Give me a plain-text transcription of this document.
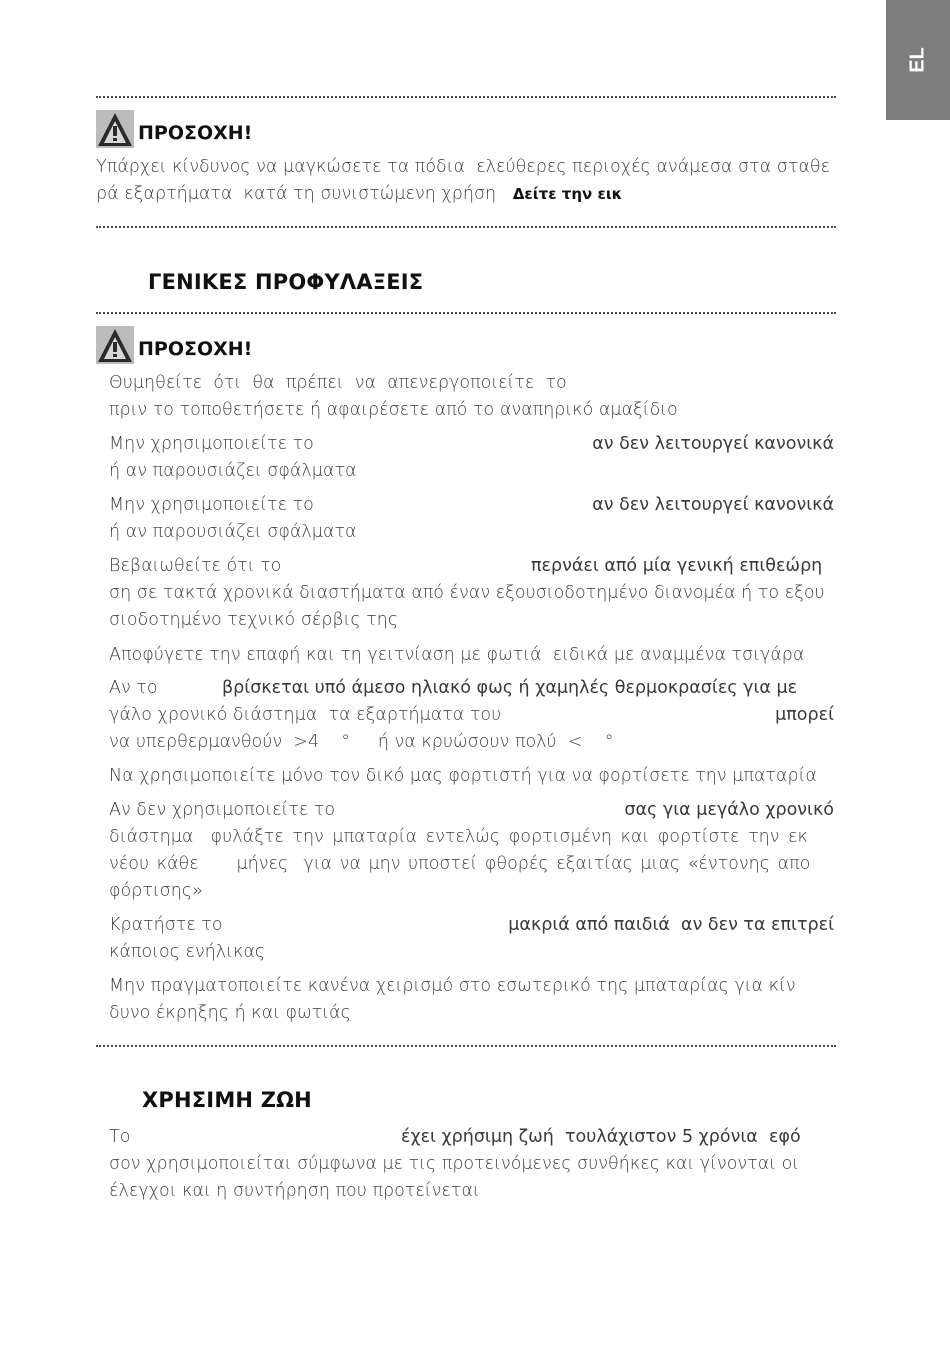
EL
ΠΡΟΣΟΧΗ!
Υπάρχει κίνδυνος να μαγκώσετε τα πόδια  ελεύθερες περιοχές ανάμεσα στα σταθε
ρά εξαρτήματα  κατά τη συνιστώμενη χρήση Δείτε την εικ
ΓΕΝΙΚΕΣ ΠΡΟΦΥΛΑΞΕΙΣ
ΠΡΟΣΟΧΗ!
Θυμηθείτε  ότι  θα  πρέπει  να  απενεργοποιείτε  το
πριν το τοποθετήσετε ή αφαιρέσετε από το αναπηρικό αμαξίδιο
Μην χρησιμοποιείτε το	αν δεν λειτουργεί κανονικά
ή αν παρουσιάζει σφάλματα
Μην χρησιμοποιείτε το	αν δεν λειτουργεί κανονικά
ή αν παρουσιάζει σφάλματα
Βεβαιωθείτε ότι το	περνάει από μία γενική επιθεώρη
ση σε τακτά χρονικά διαστήματα από έναν εξουσιοδοτημένο διανομέα ή το εξου
σιοδοτημένο τεχνικό σέρβις της
Αποφύγετε την επαφή και τη γειτνίαση με φωτιά  ειδικά με αναμμένα τσιγάρα
Αν το	βρίσκεται υπό άμεσο ηλιακό φως ή χαμηλές θερμοκρασίες για με
γάλο χρονικό διάστημα  τα εξαρτήματα του	μπορεί
να υπερθερμανθούν  >4    °     ή να κρυώσουν πολύ  <    °
Να χρησιμοποιείτε μόνο τον δικό μας φορτιστή για να φορτίσετε την μπαταρία
Αν δεν χρησιμοποιείτε το	σας για μεγάλο χρονικό
διάστημα  φυλάξτε την μπαταρία εντελώς φορτισμένη και φορτίστε την εκ
νέου κάθε     μήνες  για να μην υποστεί φθορές εξαιτίας μιας «έντονης απο
φόρτισης»
Κρατήστε το	μακριά από παιδιά  αν δεν τα επιτρεί
κάποιος ενήλικας
Μην πραγματοποιείτε κανένα χειρισμό στο εσωτερικό της μπαταρίας για κίν
δυνο έκρηξης ή και φωτιάς
ΧΡΗΣΙΜΗ ΖΩΗ
Το	έχει χρήσιμη ζωή  τουλάχιστον 5 χρόνια  εφό
σον χρησιμοποιείται σύμφωνα με τις προτεινόμενες συνθήκες και γίνονται οι
έλεγχοι και η συντήρηση που προτείνεται
